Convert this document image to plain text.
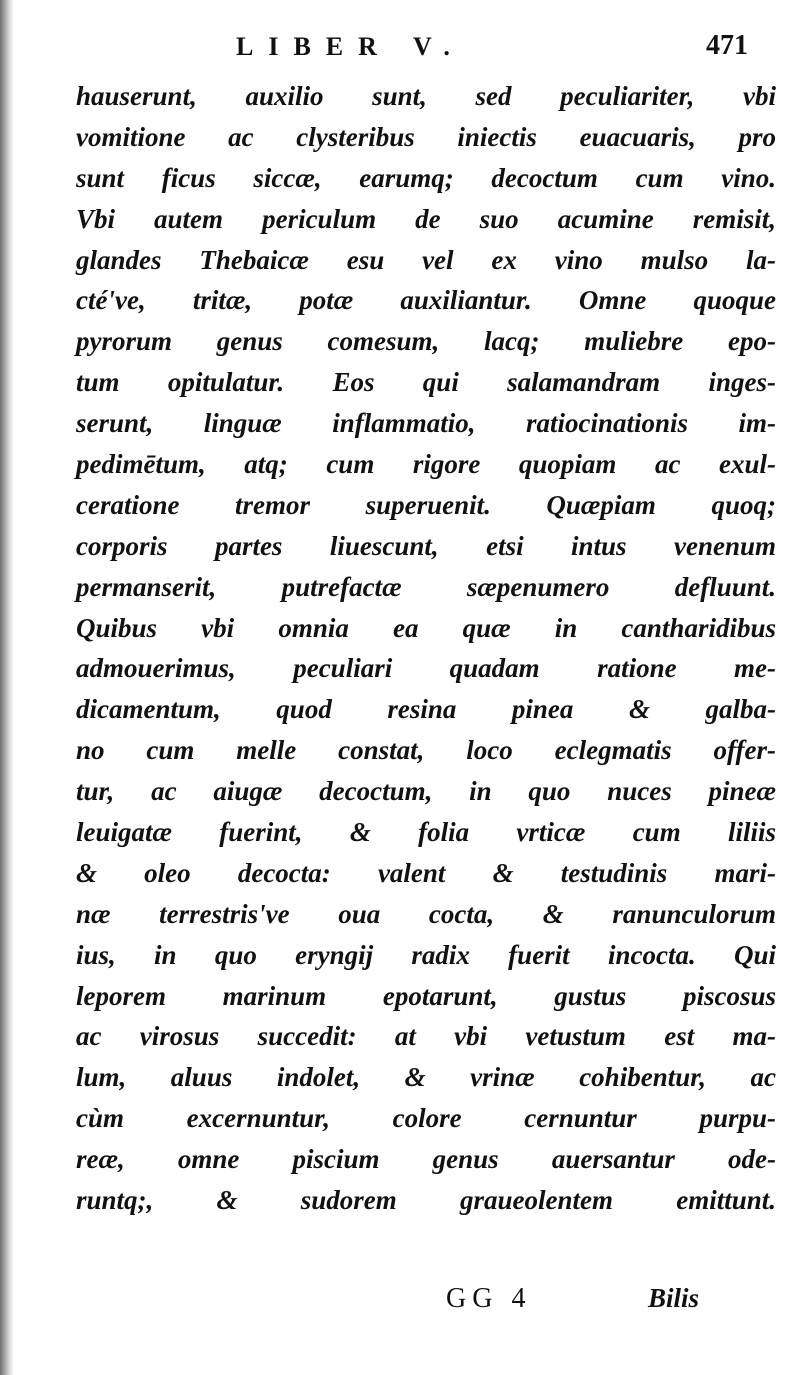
LIBER V.	471
hauserunt, auxilio sunt, sed peculiariter, vbi
vomitione ac clysteribus iniectis euacuaris, pro
sunt ficus siccæ, earumq; decoctum cum vino.
Vbi autem periculum de suo acumine remisit,
glandes Thebaicæ esu vel ex vino mulso la-
cté've, tritæ, potæ auxiliantur. Omne quoque
pyrorum genus comesum, lacq; muliebre epo-
tum opitulatur. Eos qui salamandram inges-
serunt, linguæ inflammatio, ratiocinationis im-
pedimētum, atq; cum rigore quopiam ac exul-
ceratione tremor superuenit. Quæpiam quoq;
corporis partes liuescunt, etsi intus venenum
permanserit, putrefactæ sæpenumero defluunt.
Quibus vbi omnia ea quæ in cantharidibus
admouerimus, peculiari quadam ratione me-
dicamentum, quod resina pinea & galba-
no cum melle constat, loco eclegmatis offer-
tur, ac aiugæ decoctum, in quo nuces pineæ
leuigatæ fuerint, & folia vrticæ cum liliis
& oleo decocta: valent & testudinis mari-
næ terrestris've oua cocta, & ranunculorum
ius, in quo eryngij radix fuerit incocta. Qui
leporem marinum epotarunt, gustus piscosus
ac virosus succedit: at vbi vetustum est ma-
lum, aluus indolet, & vrinæ cohibentur, ac
cùm excernuntur, colore cernuntur purpu-
reæ, omne piscium genus auersantur ode-
runtq;, & sudorem graueolentem emittunt.
GG 4	Bilis
